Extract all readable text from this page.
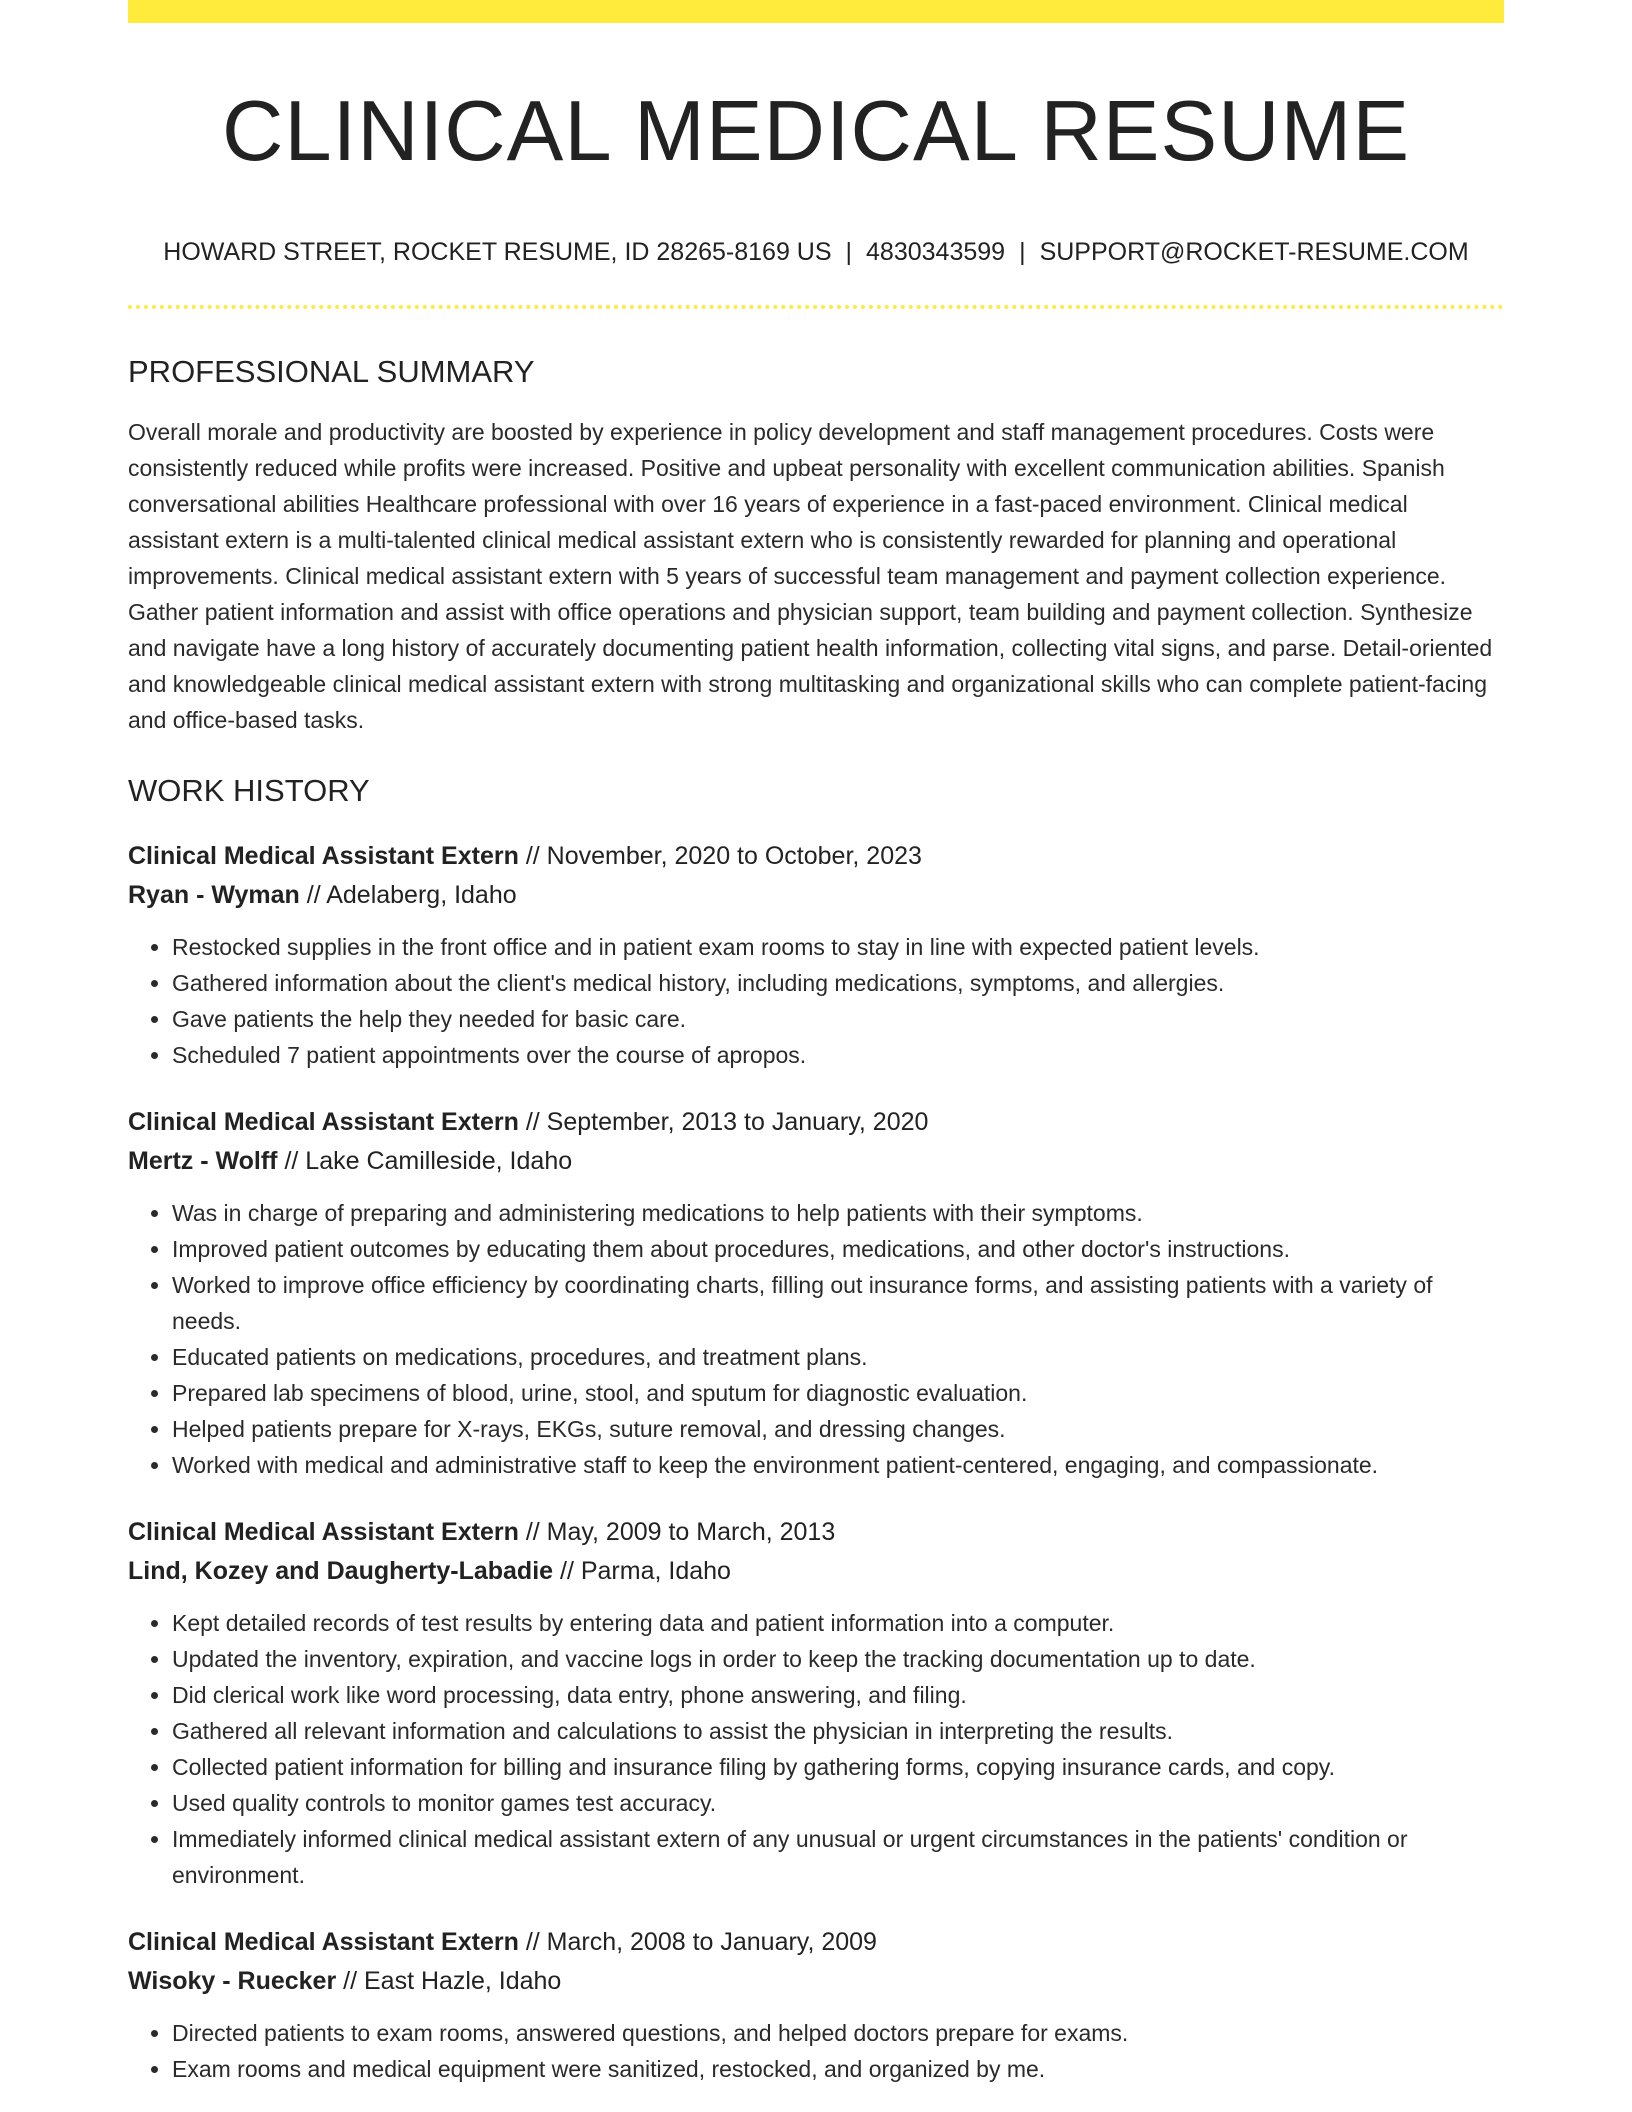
CLINICAL MEDICAL RESUME
HOWARD STREET, ROCKET RESUME, ID 28265-8169 US | 4830343599 | SUPPORT@ROCKET-RESUME.COM
PROFESSIONAL SUMMARY

Overall morale and productivity are boosted by experience in policy development and staff management procedures. Costs were consistently reduced while profits were increased. Positive and upbeat personality with excellent communication abilities. Spanish conversational abilities Healthcare professional with over 16 years of experience in a fast-paced environment. Clinical medical assistant extern is a multi-talented clinical medical assistant extern who is consistently rewarded for planning and operational improvements. Clinical medical assistant extern with 5 years of successful team management and payment collection experience. Gather patient information and assist with office operations and physician support, team building and payment collection. Synthesize and navigate have a long history of accurately documenting patient health information, collecting vital signs, and parse. Detail-oriented and knowledgeable clinical medical assistant extern with strong multitasking and organizational skills who can complete patient-facing and office-based tasks.

WORK HISTORY
Clinical Medical Assistant Extern // November, 2020 to October, 2023
Ryan - Wyman // Adelaberg, Idaho
• Restocked supplies in the front office and in patient exam rooms to stay in line with expected patient levels.
• Gathered information about the client's medical history, including medications, symptoms, and allergies.
• Gave patients the help they needed for basic care.
• Scheduled 7 patient appointments over the course of apropos.
Clinical Medical Assistant Extern // September, 2013 to January, 2020
Mertz - Wolff // Lake Camilleside, Idaho
• Was in charge of preparing and administering medications to help patients with their symptoms.
• Improved patient outcomes by educating them about procedures, medications, and other doctor's instructions.
• Worked to improve office efficiency by coordinating charts, filling out insurance forms, and assisting patients with a variety of needs.
• Educated patients on medications, procedures, and treatment plans.
• Prepared lab specimens of blood, urine, stool, and sputum for diagnostic evaluation.
• Helped patients prepare for X-rays, EKGs, suture removal, and dressing changes.
• Worked with medical and administrative staff to keep the environment patient-centered, engaging, and compassionate.
Clinical Medical Assistant Extern // May, 2009 to March, 2013
Lind, Kozey and Daugherty-Labadie // Parma, Idaho
• Kept detailed records of test results by entering data and patient information into a computer.
• Updated the inventory, expiration, and vaccine logs in order to keep the tracking documentation up to date.
• Did clerical work like word processing, data entry, phone answering, and filing.
• Gathered all relevant information and calculations to assist the physician in interpreting the results.
• Collected patient information for billing and insurance filing by gathering forms, copying insurance cards, and copy.
• Used quality controls to monitor games test accuracy.
• Immediately informed clinical medical assistant extern of any unusual or urgent circumstances in the patients' condition or environment.
Clinical Medical Assistant Extern // March, 2008 to January, 2009
Wisoky - Ruecker // East Hazle, Idaho
• Directed patients to exam rooms, answered questions, and helped doctors prepare for exams.
• Exam rooms and medical equipment were sanitized, restocked, and organized by me.
